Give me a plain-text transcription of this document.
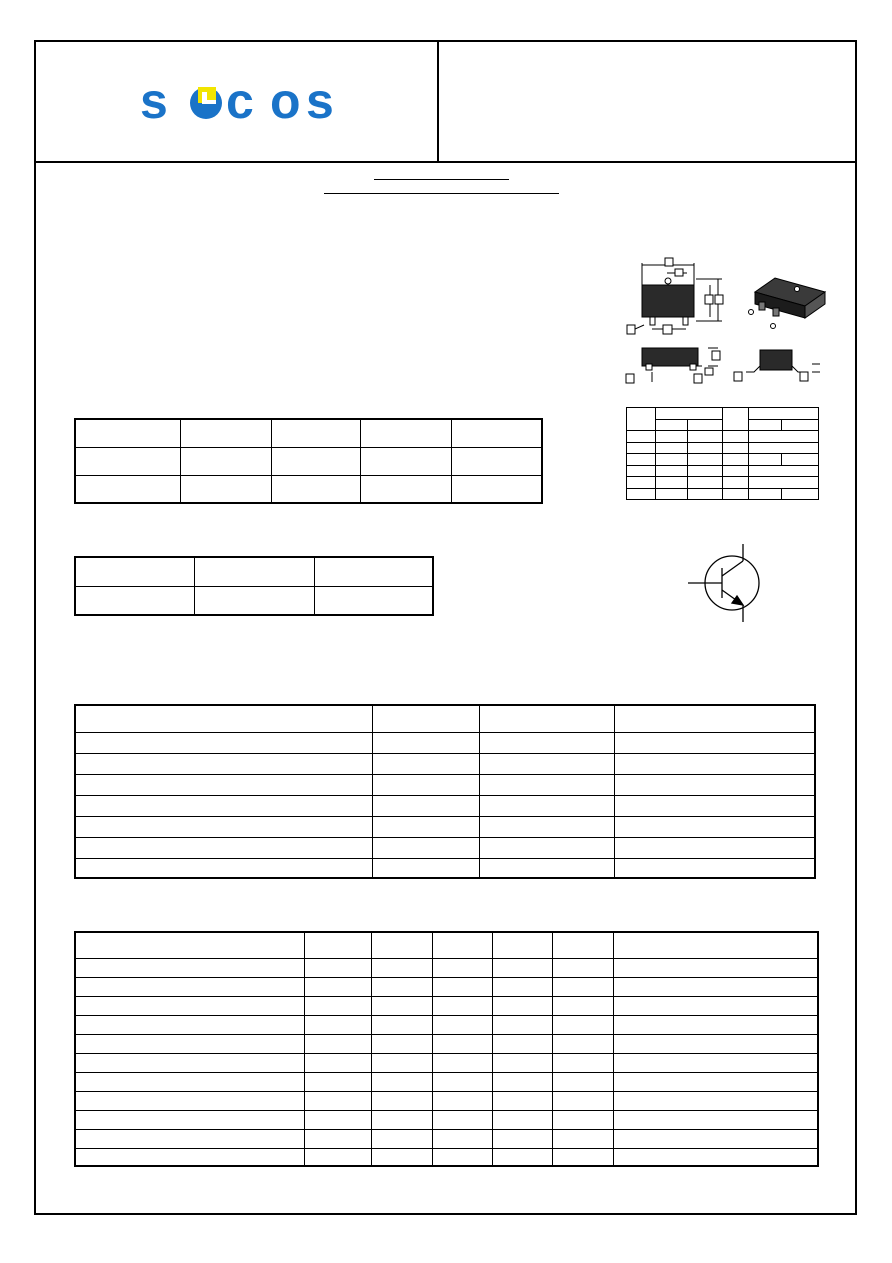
s c o s
